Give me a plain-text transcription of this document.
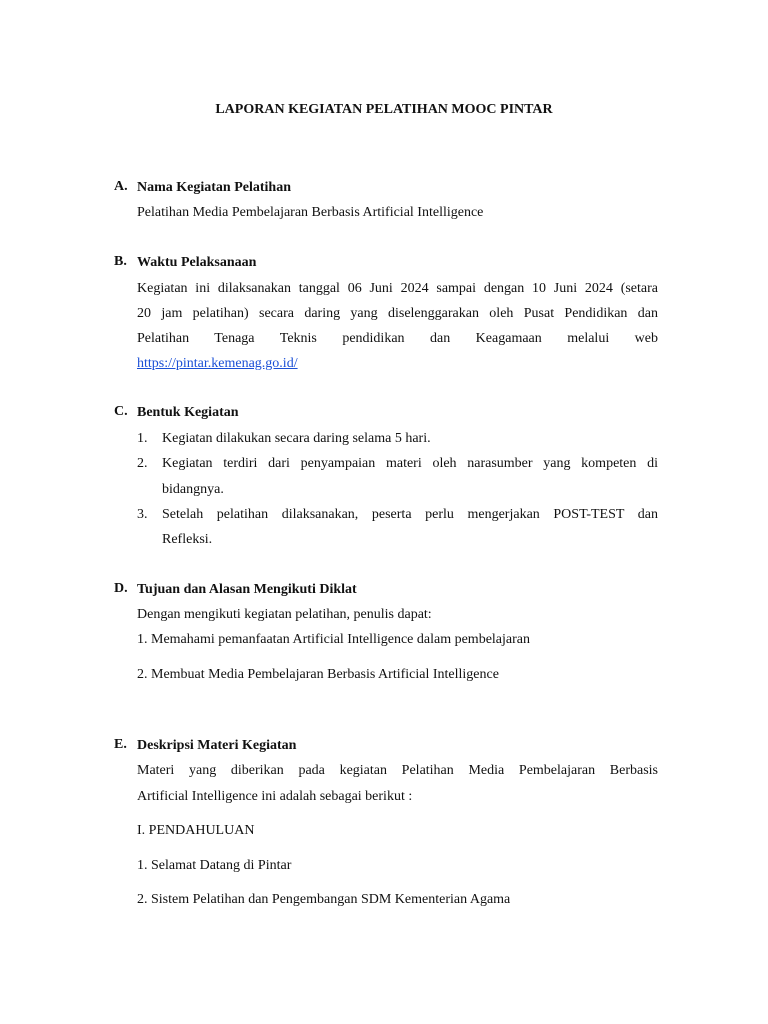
LAPORAN KEGIATAN PELATIHAN MOOC PINTAR
A. Nama Kegiatan Pelatihan
Pelatihan Media Pembelajaran Berbasis Artificial Intelligence
B. Waktu Pelaksanaan

Kegiatan ini dilaksanakan tanggal 06 Juni 2024 sampai dengan 10 Juni 2024 (setara

20 jam pelatihan) secara daring yang diselenggarakan oleh Pusat Pendidikan dan

Pelatihan Tenaga Teknis pendidikan dan Keagamaan melalui web

https://pintar.kemenag.go.id/
C. Bentuk Kegiatan
1. Kegiatan dilakukan secara daring selama 5 hari.
2. Kegiatan terdiri dari penyampaian materi oleh narasumber yang kompeten di

bidangnya.
3. Setelah pelatihan dilaksanakan, peserta perlu mengerjakan POST-TEST dan

Refleksi.
D. Tujuan dan Alasan Mengikuti Diklat
Dengan mengikuti kegiatan pelatihan, penulis dapat:
1. Memahami pemanfaatan Artificial Intelligence dalam pembelajaran
2. Membuat Media Pembelajaran Berbasis Artificial Intelligence
E. Deskripsi Materi Kegiatan

Materi yang diberikan pada kegiatan Pelatihan Media Pembelajaran Berbasis

Artificial Intelligence ini adalah sebagai berikut :
I. PENDAHULUAN
1. Selamat Datang di Pintar
2. Sistem Pelatihan dan Pengembangan SDM Kementerian Agama
